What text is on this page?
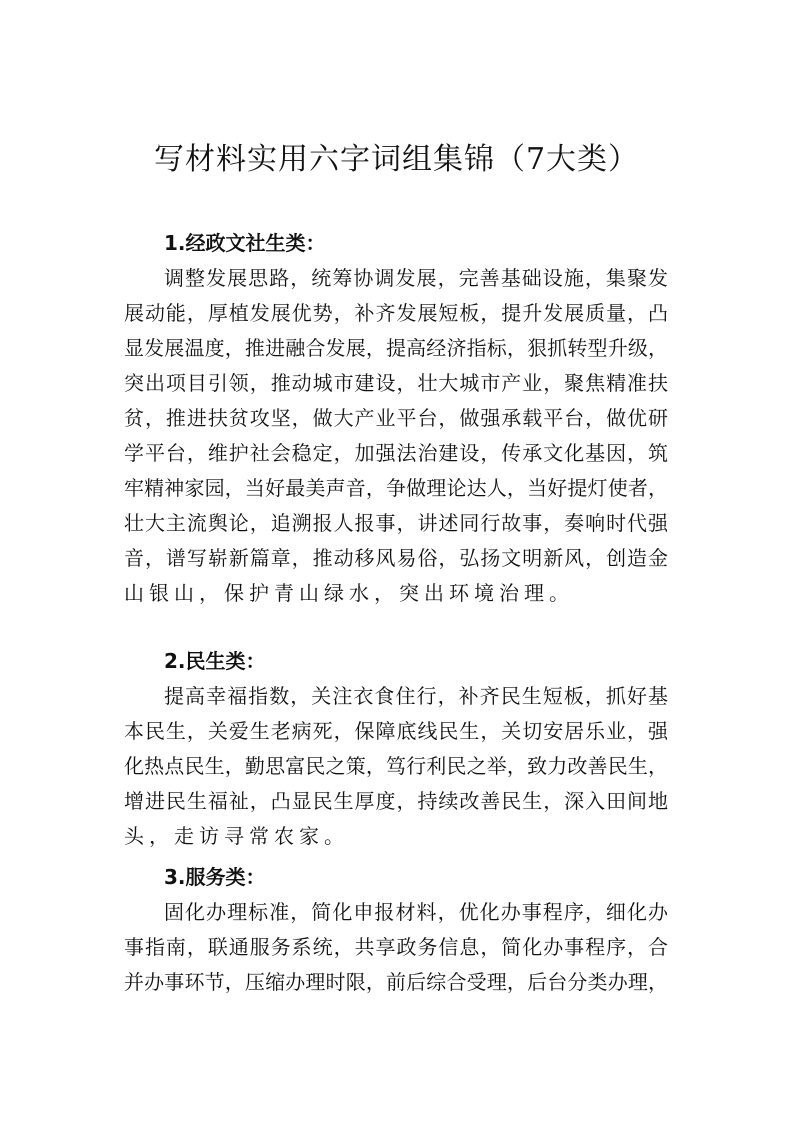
写材料实用六字词组集锦（7大类）
1.经政文社生类：
调整发展思路，统筹协调发展，完善基础设施，集聚发
展动能，厚植发展优势，补齐发展短板，提升发展质量，凸
显发展温度，推进融合发展，提高经济指标，狠抓转型升级，
突出项目引领，推动城市建设，壮大城市产业，聚焦精准扶
贫，推进扶贫攻坚，做大产业平台，做强承载平台，做优研
学平台，维护社会稳定，加强法治建设，传承文化基因，筑
牢精神家园，当好最美声音，争做理论达人，当好提灯使者，
壮大主流舆论，追溯报人报事，讲述同行故事，奏响时代强
音，谱写崭新篇章，推动移风易俗，弘扬文明新风，创造金
山银山，保护青山绿水，突出环境治理。
2.民生类：
提高幸福指数，关注衣食住行，补齐民生短板，抓好基
本民生，关爱生老病死，保障底线民生，关切安居乐业，强
化热点民生，勤思富民之策，笃行利民之举，致力改善民生，
增进民生福祉，凸显民生厚度，持续改善民生，深入田间地
头，走访寻常农家。
3.服务类：
固化办理标准，简化申报材料，优化办事程序，细化办
事指南，联通服务系统，共享政务信息，简化办事程序，合
并办事环节，压缩办理时限，前后综合受理，后台分类办理，
